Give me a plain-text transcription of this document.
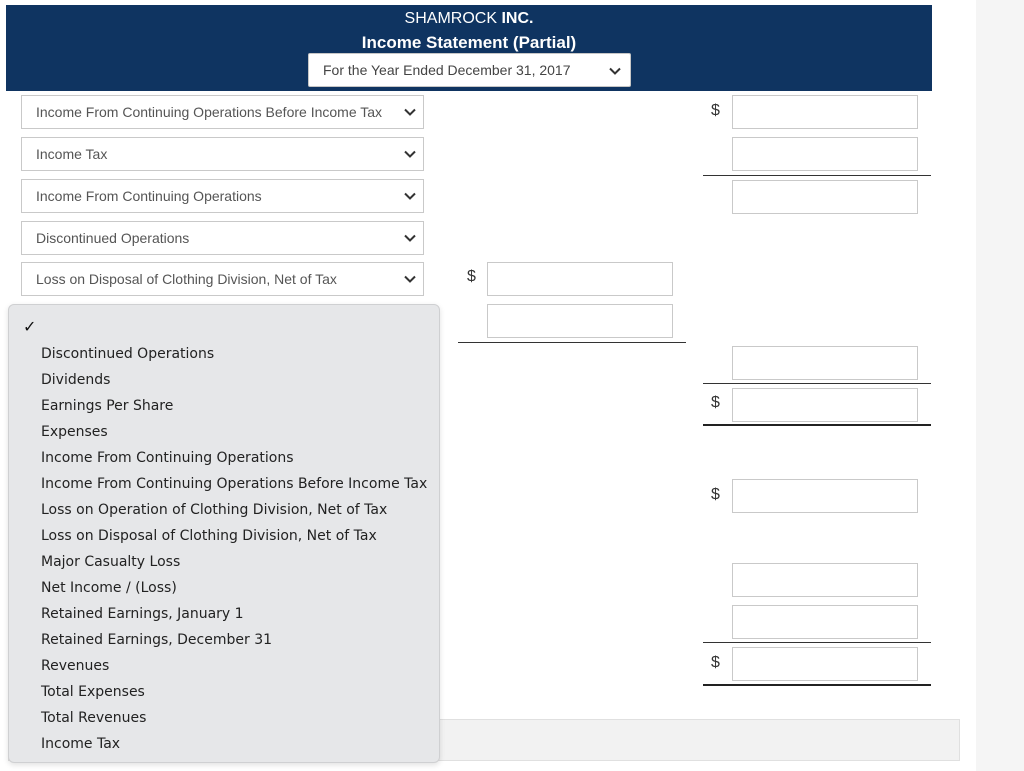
SHAMROCK INC.
Income Statement (Partial)
For the Year Ended December 31, 2017
Income From Continuing Operations Before Income Tax
Income Tax
Income From Continuing Operations
Discontinued Operations
Loss on Disposal of Clothing Division, Net of Tax	$
$
$
$
$
✓
Discontinued Operations
Dividends
Earnings Per Share
Expenses
Income From Continuing Operations
Income From Continuing Operations Before Income Tax
Loss on Operation of Clothing Division, Net of Tax
Loss on Disposal of Clothing Division, Net of Tax
Major Casualty Loss
Net Income / (Loss)
Retained Earnings, January 1
Retained Earnings, December 31
Revenues
Total Expenses
Total Revenues
Income Tax
